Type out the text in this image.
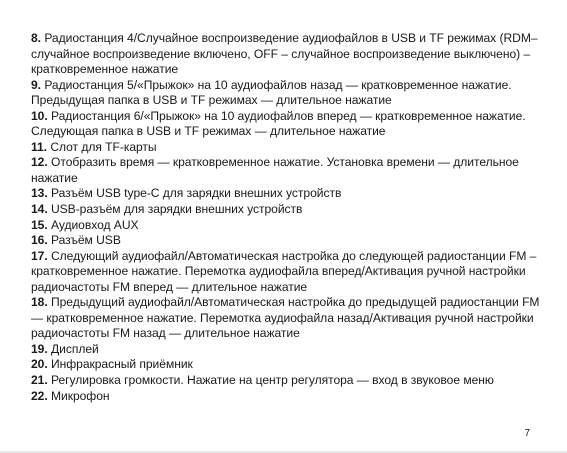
8. Радиостанция 4/Случайное воспроизведение аудиофайлов в USB и TF режимах (RDM– случайное воспроизведение включено, OFF – случайное воспроизведение выключено) – кратковременное нажатие

9. Радиостанция 5/«Прыжок» на 10 аудиофайлов назад — кратковременное нажатие. Предыдущая папка в USB и TF режимах — длительное нажатие

10. Радиостанция 6/«Прыжок» на 10 аудиофайлов вперед — кратковременное нажатие. Следующая папка в USB и TF режимах — длительное нажатие

11. Слот для TF-карты

12. Отобразить время — кратковременное нажатие. Установка времени — длительное нажатие

13. Разъём USB type-C для зарядки внешних устройств

14. USB-разъём для зарядки внешних устройств

15. Аудиовход AUX

16. Разъём USB

17. Следующий аудиофайл/Автоматическая настройка до следующей радиостанции FM – кратковременное нажатие. Перемотка аудиофайла вперед/Активация ручной настройки радиочастоты FM вперед — длительное нажатие

18. Предыдущий аудиофайл/Автоматическая настройка до предыдущей радиостанции FM — кратковременное нажатие. Перемотка аудиофайла назад/Активация ручной настройки радиочастоты FM назад — длительное нажатие

19. Дисплей

20. Инфракрасный приёмник

21. Регулировка громкости. Нажатие на центр регулятора — вход в звуковое меню

22. Микрофон

7
